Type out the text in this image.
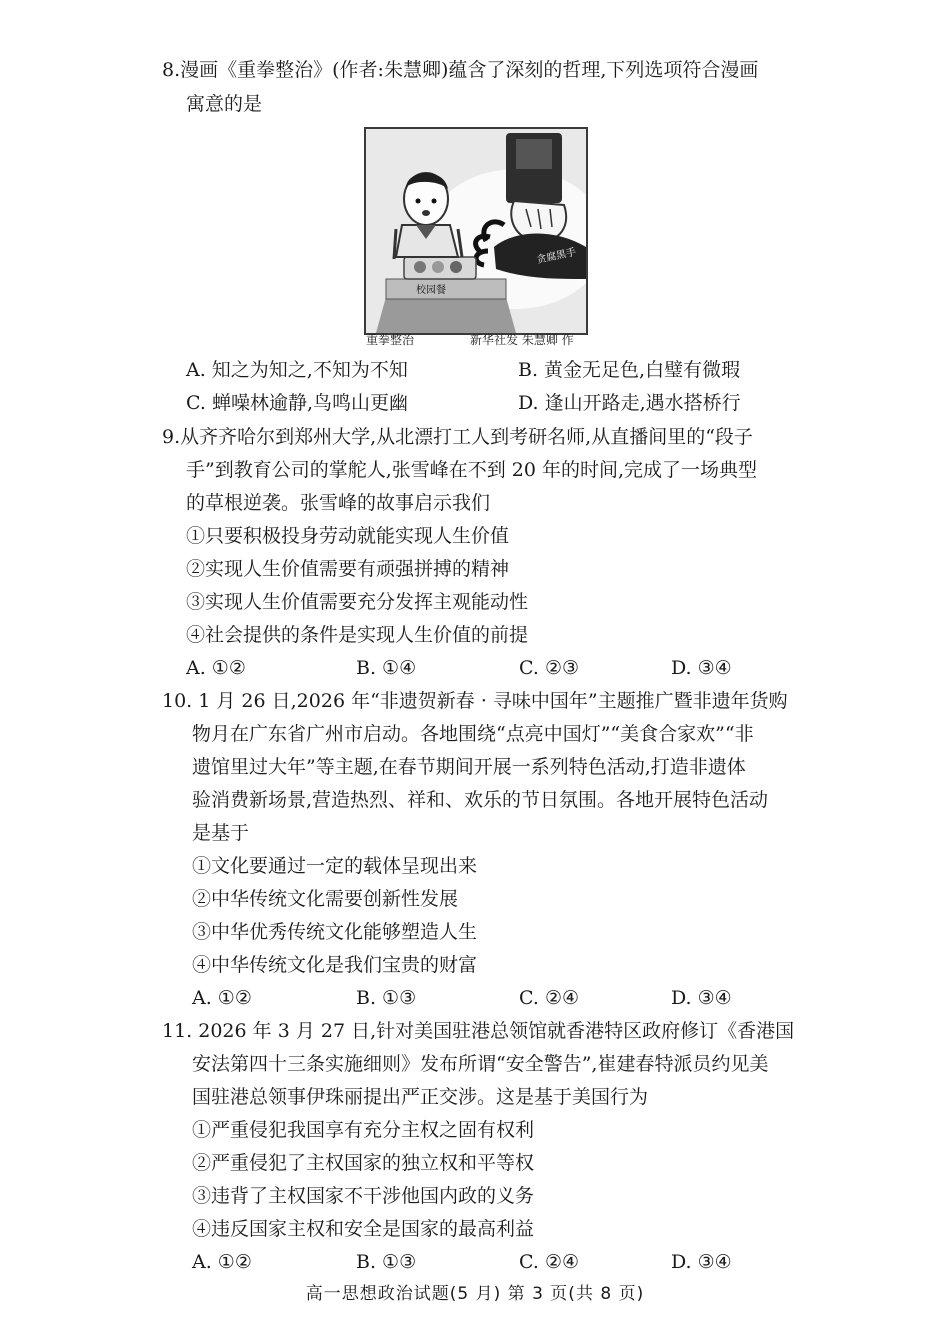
8.漫画《重拳整治》(作者:朱慧卿)蕴含了深刻的哲理,下列选项符合漫画
寓意的是
校园餐
贪腐黑手
重拳整治	新华社发 朱慧卿 作
A. 知之为知之,不知为不知	B. 黄金无足色,白璧有微瑕
C. 蝉噪林逾静,鸟鸣山更幽	D. 逢山开路走,遇水搭桥行
9.从齐齐哈尔到郑州大学,从北漂打工人到考研名师,从直播间里的“段子
手”到教育公司的掌舵人,张雪峰在不到 20 年的时间,完成了一场典型
的草根逆袭。张雪峰的故事启示我们
①只要积极投身劳动就能实现人生价值
②实现人生价值需要有顽强拼搏的精神
③实现人生价值需要充分发挥主观能动性
④社会提供的条件是实现人生价值的前提
A. ①②	B. ①④	C. ②③	D. ③④
10. 1 月 26 日,2026 年“非遗贺新春 · 寻味中国年”主题推广暨非遗年货购
物月在广东省广州市启动。各地围绕“点亮中国灯”“美食合家欢”“非
遗馆里过大年”等主题,在春节期间开展一系列特色活动,打造非遗体
验消费新场景,营造热烈、祥和、欢乐的节日氛围。各地开展特色活动
是基于
①文化要通过一定的载体呈现出来
②中华传统文化需要创新性发展
③中华优秀传统文化能够塑造人生
④中华传统文化是我们宝贵的财富
A. ①②	B. ①③	C. ②④	D. ③④
11. 2026 年 3 月 27 日,针对美国驻港总领馆就香港特区政府修订《香港国
安法第四十三条实施细则》发布所谓“安全警告”,崔建春特派员约见美
国驻港总领事伊珠丽提出严正交涉。这是基于美国行为
①严重侵犯我国享有充分主权之固有权利
②严重侵犯了主权国家的独立权和平等权
③违背了主权国家不干涉他国内政的义务
④违反国家主权和安全是国家的最高利益
A. ①②	B. ①③	C. ②④	D. ③④
高一思想政治试题(5 月) 第 3 页(共 8 页)
